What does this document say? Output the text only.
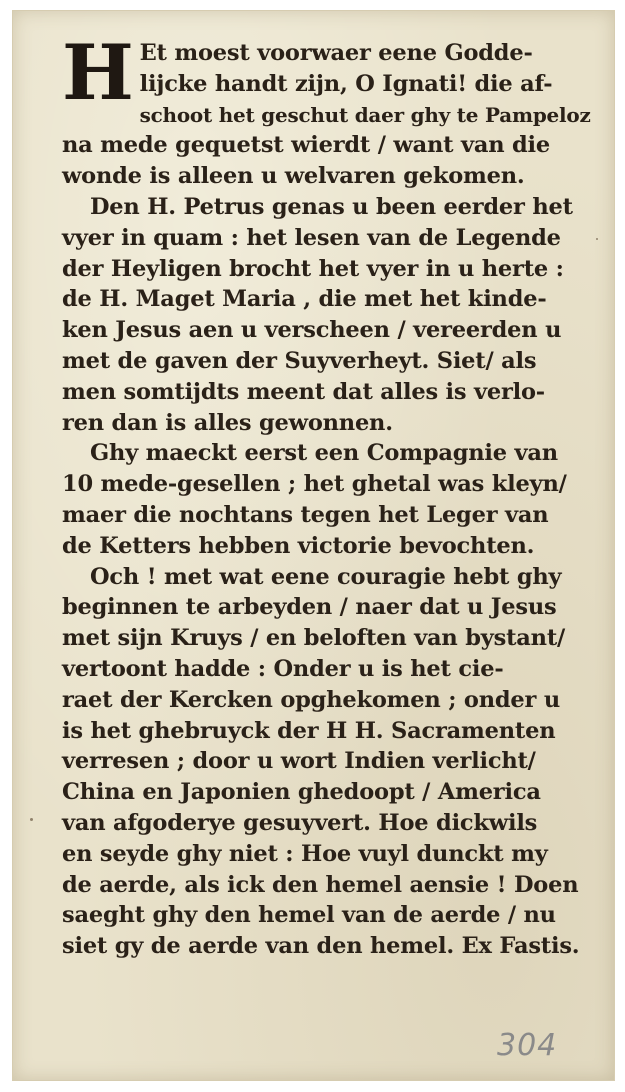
H Et moest voorwaer eene Godde-
lijcke handt zijn, O Ignati! die af-
schoot het geschut daer ghy te Pampeloz
na mede gequetst wierdt / want van die
wonde is alleen u welvaren gekomen.
Den H. Petrus genas u been eerder het
vyer in quam : het lesen van de Legende
der Heyligen brocht het vyer in u herte :
de H. Maget Maria , die met het kinde-
ken Jesus aen u verscheen / vereerden u
met de gaven der Suyverheyt. Siet/ als
men somtijdts meent dat alles is verlo-
ren dan is alles gewonnen.
Ghy maeckt eerst een Compagnie van
10 mede-gesellen ; het ghetal was kleyn/
maer die nochtans tegen het Leger van
de Ketters hebben victorie bevochten.
Och ! met wat eene couragie hebt ghy
beginnen te arbeyden / naer dat u Jesus
met sijn Kruys / en beloften van bystant/
vertoont hadde : Onder u is het cie-
raet der Kercken opghekomen ; onder u
is het ghebruyck der H H. Sacramenten
verresen ; door u wort Indien verlicht/
China en Japonien ghedoopt / America
van afgoderye gesuyvert. Hoe dickwils
en seyde ghy niet : Hoe vuyl dunckt my
de aerde, als ick den hemel aensie ! Doen
saeght ghy den hemel van de aerde / nu
siet gy de aerde van den hemel. Ex Fastis.
304
